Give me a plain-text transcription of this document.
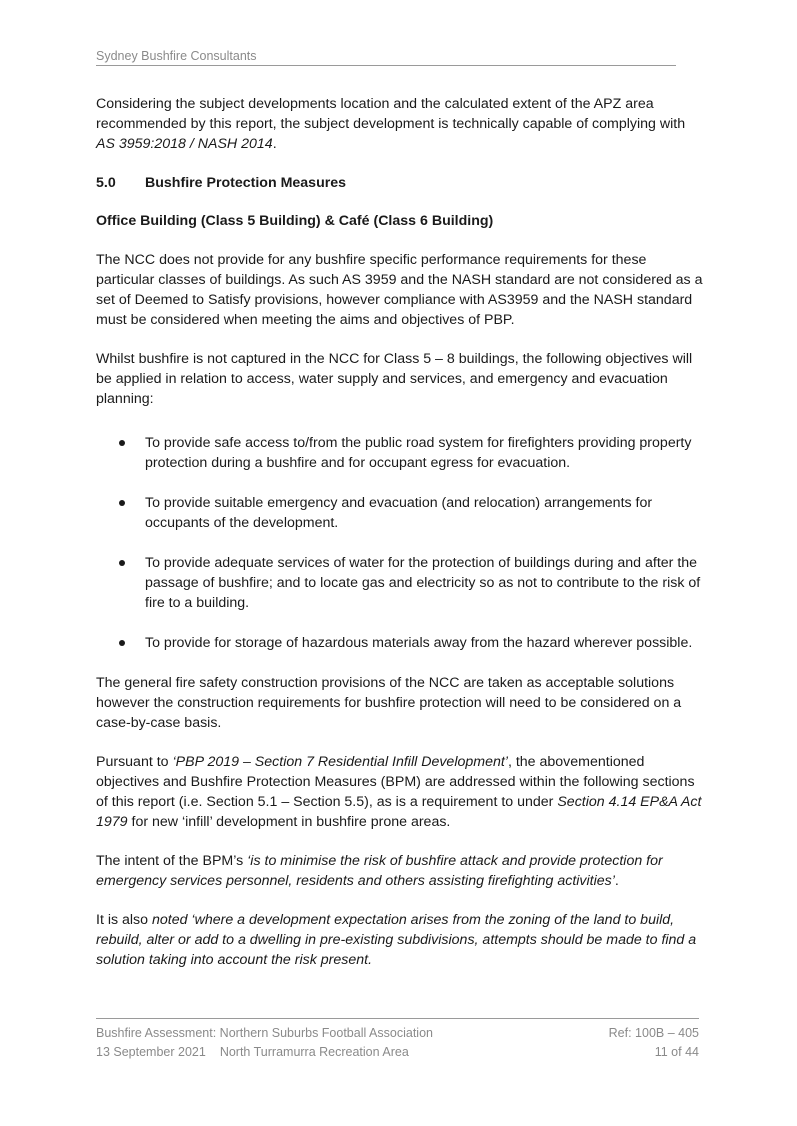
Sydney Bushfire Consultants

Considering the subject developments location and the calculated extent of the APZ area recommended by this report, the subject development is technically capable of complying with AS 3959:2018 / NASH 2014.

5.0 Bushfire Protection Measures
Office Building (Class 5 Building) & Café (Class 6 Building)

The NCC does not provide for any bushfire specific performance requirements for these particular classes of buildings. As such AS 3959 and the NASH standard are not considered as a set of Deemed to Satisfy provisions, however compliance with AS3959 and the NASH standard must be considered when meeting the aims and objectives of PBP.

Whilst bushfire is not captured in the NCC for Class 5 – 8 buildings, the following objectives will be applied in relation to access, water supply and services, and emergency and evacuation planning:

To provide safe access to/from the public road system for firefighters providing property protection during a bushfire and for occupant egress for evacuation.
To provide suitable emergency and evacuation (and relocation) arrangements for occupants of the development.
To provide adequate services of water for the protection of buildings during and after the passage of bushfire; and to locate gas and electricity so as not to contribute to the risk of fire to a building.
To provide for storage of hazardous materials away from the hazard wherever possible.

The general fire safety construction provisions of the NCC are taken as acceptable solutions however the construction requirements for bushfire protection will need to be considered on a case-by-case basis.

Pursuant to ‘PBP 2019 – Section 7 Residential Infill Development’, the abovementioned objectives and Bushfire Protection Measures (BPM) are addressed within the following sections of this report (i.e. Section 5.1 – Section 5.5), as is a requirement to under Section 4.14 EP&A Act 1979 for new ‘infill’ development in bushfire prone areas.

The intent of the BPM’s ‘is to minimise the risk of bushfire attack and provide protection for emergency services personnel, residents and others assisting firefighting activities’.

It is also noted ‘where a development expectation arises from the zoning of the land to build, rebuild, alter or add to a dwelling in pre-existing subdivisions, attempts should be made to find a solution taking into account the risk present.

Bushfire Assessment: Northern Suburbs Football Association	Ref: 100B – 405
13 September 2021 North Turramurra Recreation Area	11 of 44
